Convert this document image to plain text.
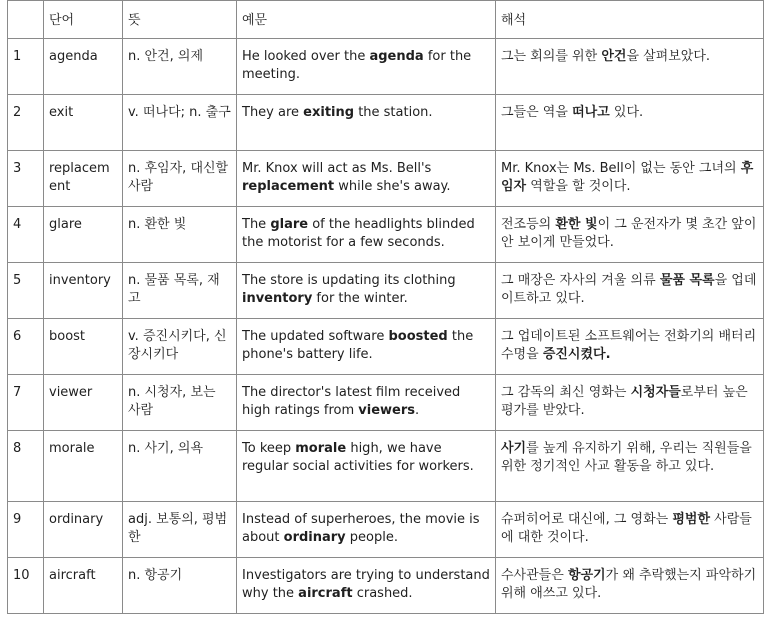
	단어	뜻	예문	해석
1	agenda	n. 안건, 의제	He looked over the agenda for the meeting.	그는 회의를 위한 안건을 살펴보았다.
2	exit	v. 떠나다; n. 출구	They are exiting the station.	그들은 역을 떠나고 있다.
3	replacement	n. 후임자, 대신할 사람	Mr. Knox will act as Ms. Bell's replacement while she's away.	Mr. Knox는 Ms. Bell이 없는 동안 그녀의 후임자 역할을 할 것이다.
4	glare	n. 환한 빛	The glare of the headlights blinded the motorist for a few seconds.	전조등의 환한 빛이 그 운전자가 몇 초간 앞이 안 보이게 만들었다.
5	inventory	n. 물품 목록, 재고	The store is updating its clothing inventory for the winter.	그 매장은 자사의 겨울 의류 물품 목록을 업데이트하고 있다.
6	boost	v. 증진시키다, 신장시키다	The updated software boosted the phone's battery life.	그 업데이트된 소프트웨어는 전화기의 배터리 수명을 증진시켰다.
7	viewer	n. 시청자, 보는 사람	The director's latest film received high ratings from viewers.	그 감독의 최신 영화는 시청자들로부터 높은 평가를 받았다.
8	morale	n. 사기, 의욕	To keep morale high, we have regular social activities for workers.	사기를 높게 유지하기 위해, 우리는 직원들을 위한 정기적인 사교 활동을 하고 있다.
9	ordinary	adj. 보통의, 평범한	Instead of superheroes, the movie is about ordinary people.	슈퍼히어로 대신에, 그 영화는 평범한 사람들에 대한 것이다.
10	aircraft	n. 항공기	Investigators are trying to understand why the aircraft crashed.	수사관들은 항공기가 왜 추락했는지 파악하기 위해 애쓰고 있다.
